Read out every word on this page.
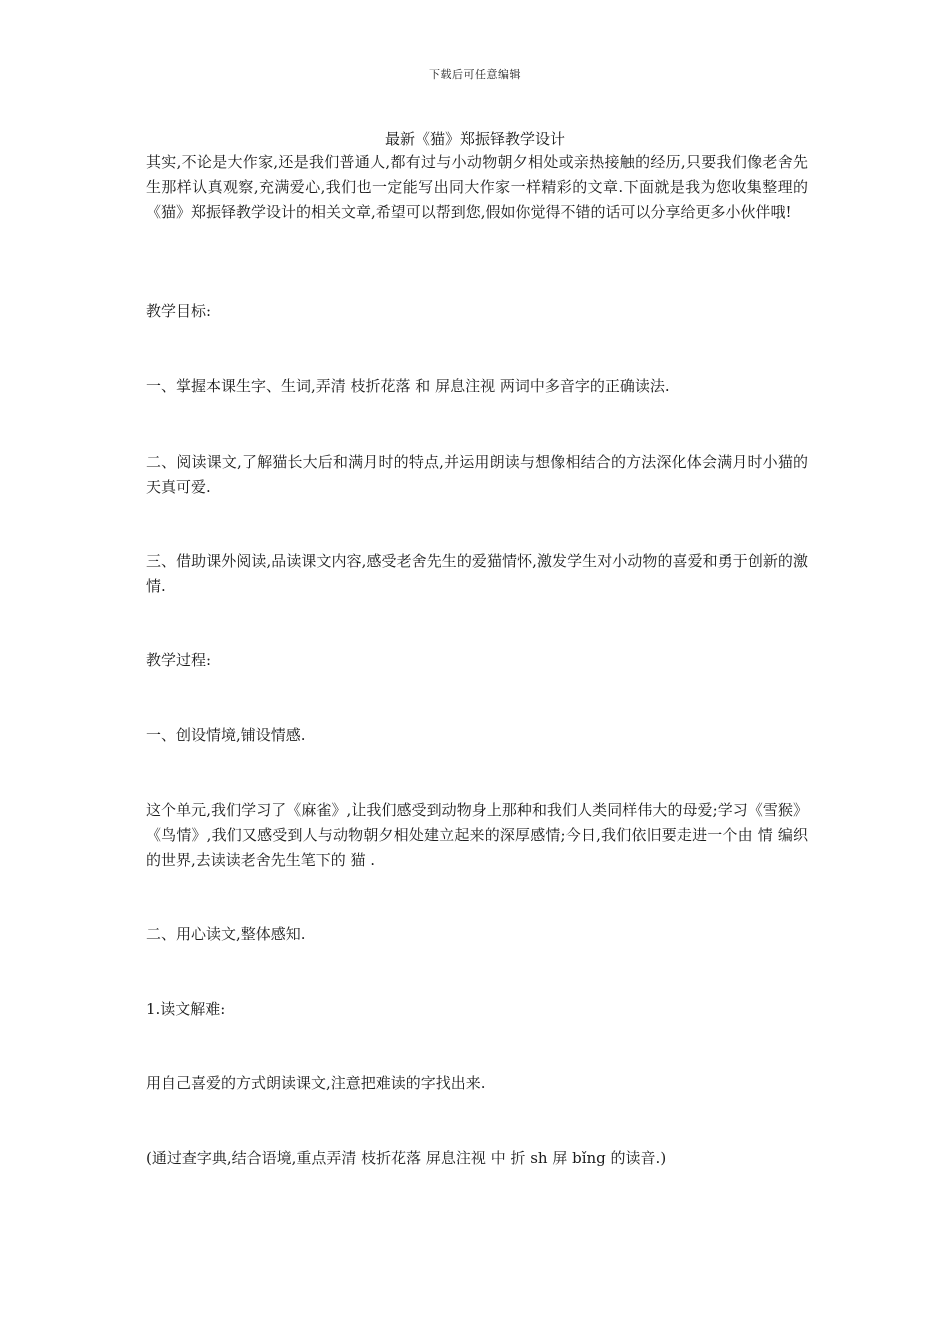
下载后可任意编辑
最新《猫》郑振铎教学设计

其实,不论是大作家,还是我们普通人,都有过与小动物朝夕相处或亲热接触的经历,只要我们像老舍先生那样认真观察,充满爱心,我们也一定能写出同大作家一样精彩的文章.下面就是我为您收集整理的《猫》郑振铎教学设计的相关文章,希望可以帮到您,假如你觉得不错的话可以分享给更多小伙伴哦!

教学目标:

一、掌握本课生字、生词,弄清 枝折花落 和 屏息注视 两词中多音字的正确读法.

二、阅读课文,了解猫长大后和满月时的特点,并运用朗读与想像相结合的方法深化体会满月时小猫的天真可爱.

三、借助课外阅读,品读课文内容,感受老舍先生的爱猫情怀,激发学生对小动物的喜爱和勇于创新的激情.

教学过程:

一、创设情境,铺设情感.

这个单元,我们学习了《麻雀》,让我们感受到动物身上那种和我们人类同样伟大的母爱;学习《雪猴》《鸟情》,我们又感受到人与动物朝夕相处建立起来的深厚感情;今日,我们依旧要走进一个由 情 编织的世界,去读读老舍先生笔下的 猫 .

二、用心读文,整体感知.

1.读文解难:

用自己喜爱的方式朗读课文,注意把难读的字找出来.

(通过查字典,结合语境,重点弄清 枝折花落 屏息注视 中 折 sh 屏 bǐng 的读音.)
